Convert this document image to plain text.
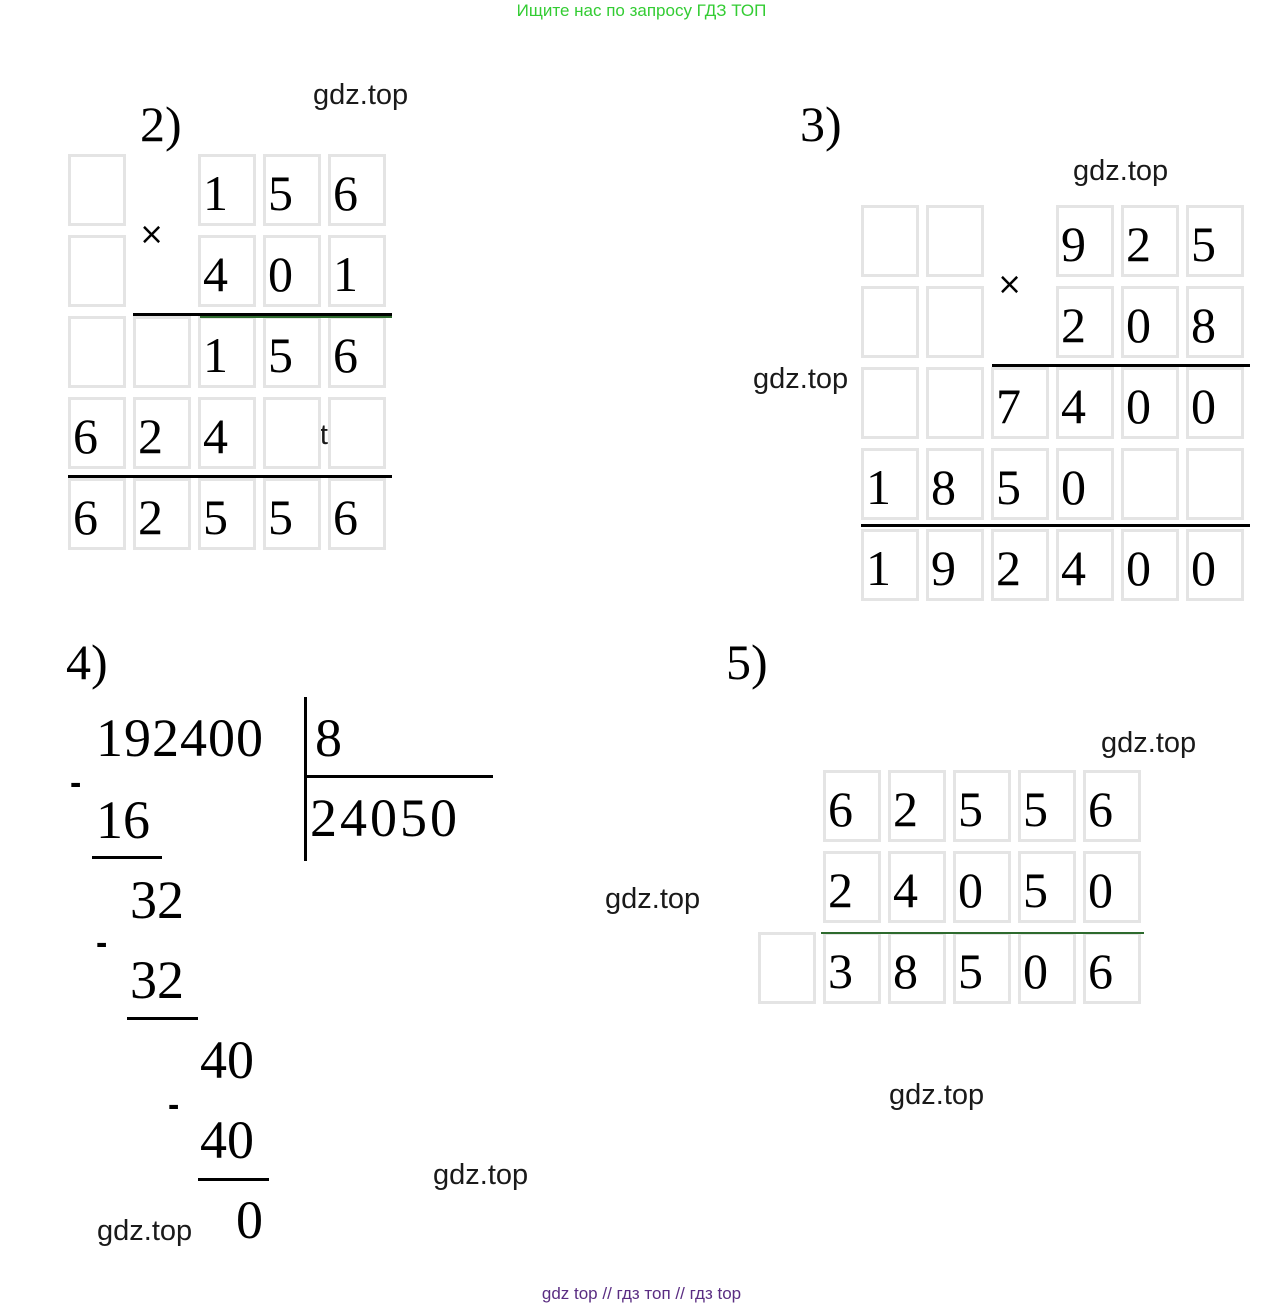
Ищите нас по запросу ГДЗ ТОП
gdz.top
gdz.top
gdz.top
gdz.top
gdz.top
gdz.top
gdz.top
gdz.top
2)
1 5 6
4 0 1
1 5 6
6 2 4
6 2 5 5 6
×
3)
9 2 5
2 0 8
7 4 0 0
1 8 5 0
1 9 2 4 0 0
×
4)
192400 8
24050
-
16
32
-
32
40
-
40
0
5)
6 2 5 5 6
2 4 0 5 0
3 8 5 0 6
gdz top // гдз топ // гдз top
